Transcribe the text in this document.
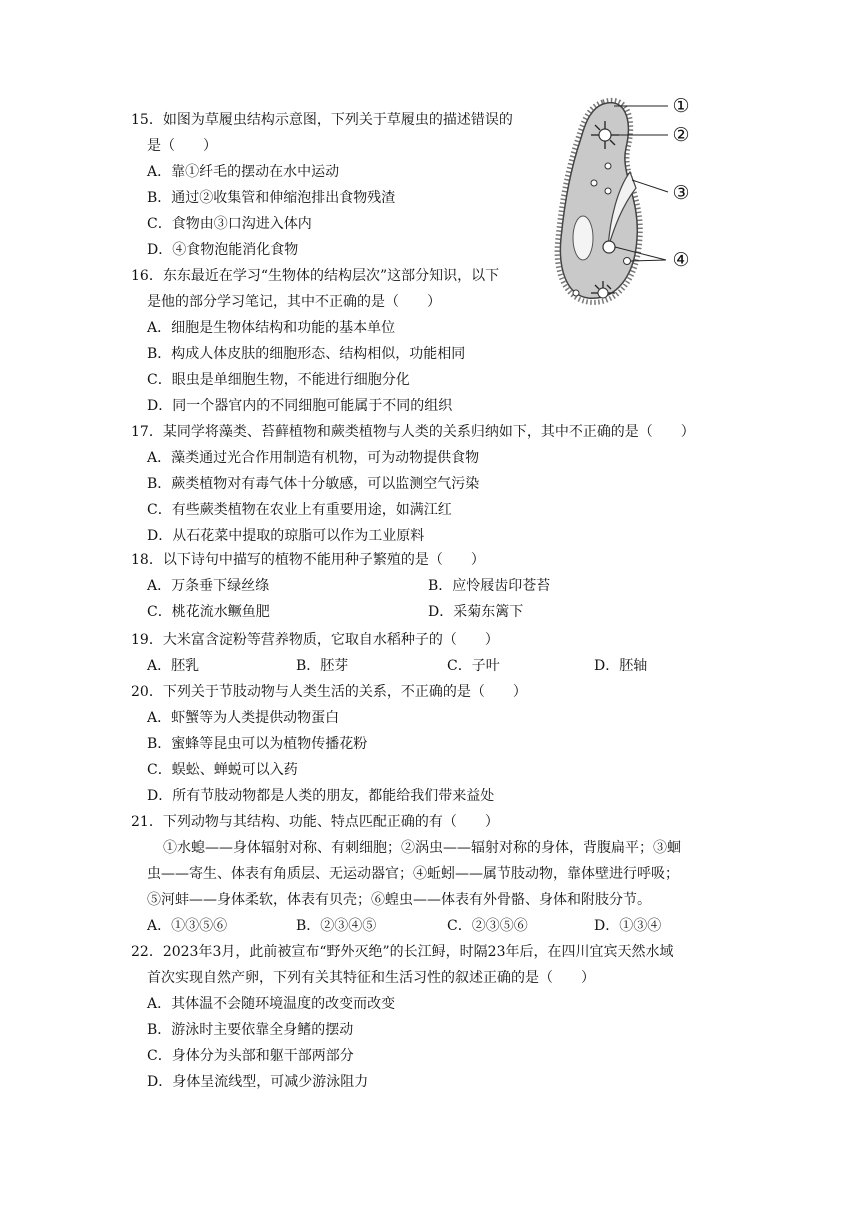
①
②
③
④
15．如图为草履虫结构示意图，下列关于草履虫的描述错误的
是（　　）
A．靠①纤毛的摆动在水中运动
B．通过②收集管和伸缩泡排出食物残渣
C．食物由③口沟进入体内
D．④食物泡能消化食物
16．东东最近在学习“生物体的结构层次”这部分知识，以下
是他的部分学习笔记，其中不正确的是（　　）
A．细胞是生物体结构和功能的基本单位
B．构成人体皮肤的细胞形态、结构相似，功能相同
C．眼虫是单细胞生物，不能进行细胞分化
D．同一个器官内的不同细胞可能属于不同的组织
17．某同学将藻类、苔藓植物和蕨类植物与人类的关系归纳如下，其中不正确的是（　　）
A．藻类通过光合作用制造有机物，可为动物提供食物
B．蕨类植物对有毒气体十分敏感，可以监测空气污染
C．有些蕨类植物在农业上有重要用途，如满江红
D．从石花菜中提取的琼脂可以作为工业原料
18．以下诗句中描写的植物不能用种子繁殖的是（　　）
A．万条垂下绿丝绦	B．应怜屐齿印苍苔
C．桃花流水鳜鱼肥	D．采菊东篱下
19．大米富含淀粉等营养物质，它取自水稻种子的（　　）
A．胚乳	B．胚芽	C．子叶	D．胚轴
20．下列关于节肢动物与人类生活的关系，不正确的是（　　）
A．虾蟹等为人类提供动物蛋白
B．蜜蜂等昆虫可以为植物传播花粉
C．蜈蚣、蝉蜕可以入药
D．所有节肢动物都是人类的朋友，都能给我们带来益处
21．下列动物与其结构、功能、特点匹配正确的有（　　）
①水螅——身体辐射对称、有刺细胞；②涡虫——辐射对称的身体，背腹扁平；③蛔
虫——寄生、体表有角质层、无运动器官；④蚯蚓——属节肢动物，靠体壁进行呼吸；
⑤河蚌——身体柔软，体表有贝壳；⑥蝗虫——体表有外骨骼、身体和附肢分节。
A．①③⑤⑥	B．②③④⑤	C．②③⑤⑥	D．①③④
22．2023年3月，此前被宣布“野外灭绝”的长江鲟，时隔23年后，在四川宜宾天然水域
首次实现自然产卵，下列有关其特征和生活习性的叙述正确的是（　　）
A．其体温不会随环境温度的改变而改变
B．游泳时主要依靠全身鳍的摆动
C．身体分为头部和躯干部两部分
D．身体呈流线型，可减少游泳阻力
